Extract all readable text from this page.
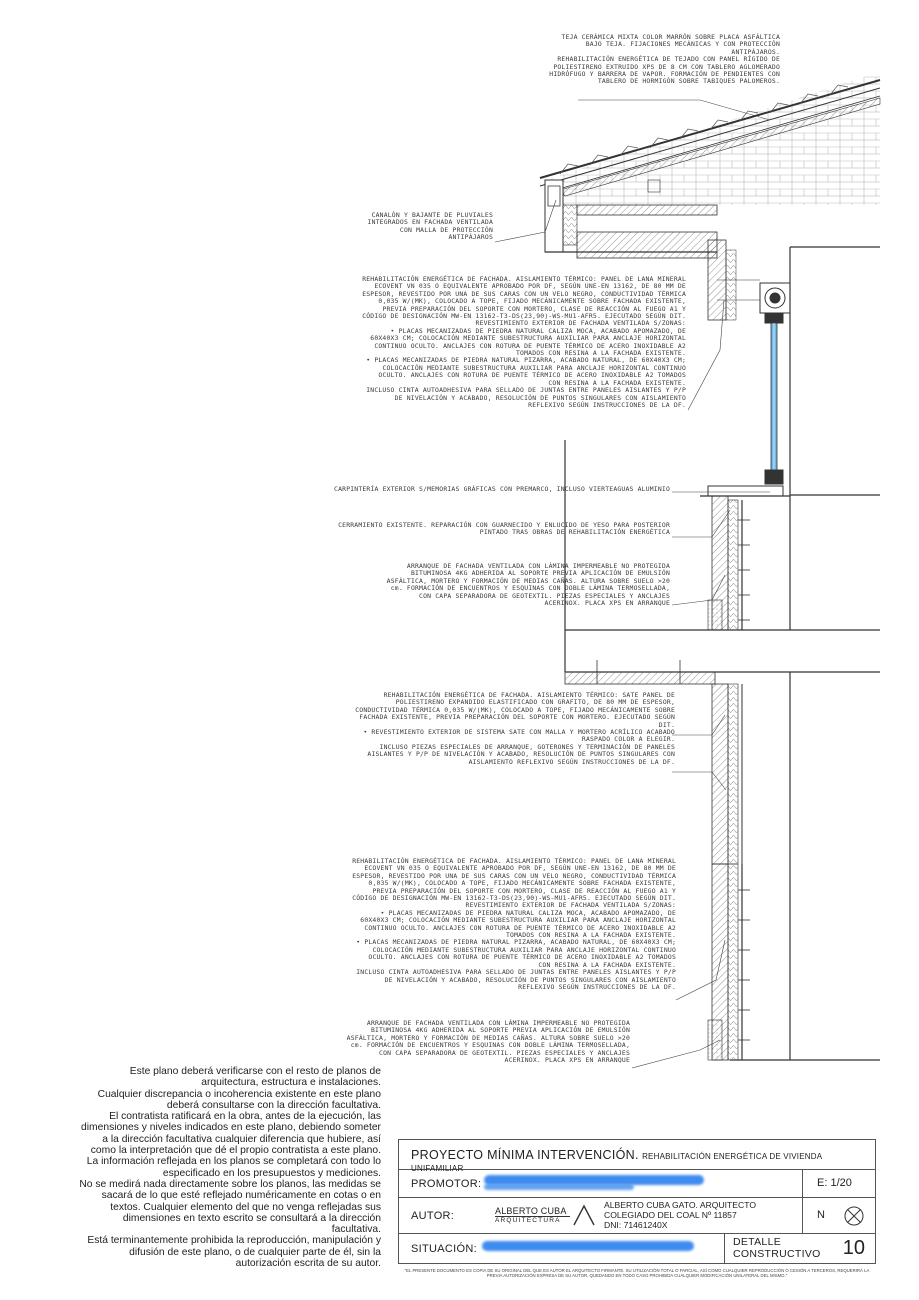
TEJA CERÁMICA MIXTA COLOR MARRÓN SOBRE PLACA ASFÁLTICA
BAJO TEJA. FIJACIONES MECÁNICAS Y CON PROTECCIÓN
ANTIPÁJAROS.
REHABILITACIÓN ENERGÉTICA DE TEJADO CON PANEL RÍGIDO DE
POLIESTIRENO EXTRUIDO XPS DE 8 CM CON TABLERO AGLOMERADO
HIDRÓFUGO Y BARRERA DE VAPOR. FORMACIÓN DE PENDIENTES CON
TABLERO DE HORMIGÓN SOBRE TABIQUES PALOMEROS.
CANALÓN Y BAJANTE DE PLUVIALES
INTEGRADOS EN FACHADA VENTILADA
CON MALLA DE PROTECCIÓN
ANTIPÁJAROS
REHABILITACIÓN ENERGÉTICA DE FACHADA. AISLAMIENTO TÉRMICO: PANEL DE LANA MINERAL
ECOVENT VN 035 O EQUIVALENTE APROBADO POR DF, SEGÚN UNE-EN 13162, DE 80 MM DE
ESPESOR, REVESTIDO POR UNA DE SUS CARAS CON UN VELO NEGRO, CONDUCTIVIDAD TÉRMICA
0,035 W/(MK), COLOCADO A TOPE, FIJADO MECÁNICAMENTE SOBRE FACHADA EXISTENTE,
PREVIA PREPARACIÓN DEL SOPORTE CON MORTERO, CLASE DE REACCIÓN AL FUEGO A1 Y
CÓDIGO DE DESIGNACIÓN MW-EN 13162-T3-DS(23,90)-WS-MU1-AFR5. EJECUTADO SEGÚN DIT.
REVESTIMIENTO EXTERIOR DE FACHADA VENTILADA S/ZONAS:
• PLACAS MECANIZADAS DE PIEDRA NATURAL CALIZA MOCA, ACABADO APOMAZADO, DE
60X40X3 CM; COLOCACIÓN MEDIANTE SUBESTRUCTURA AUXILIAR PARA ANCLAJE HORIZONTAL
CONTINUO OCULTO. ANCLAJES CON ROTURA DE PUENTE TÉRMICO DE ACERO INOXIDABLE A2
TOMADOS CON RESINA A LA FACHADA EXISTENTE.
• PLACAS MECANIZADAS DE PIEDRA NATURAL PIZARRA, ACABADO NATURAL, DE 60X40X3 CM;
COLOCACIÓN MEDIANTE SUBESTRUCTURA AUXILIAR PARA ANCLAJE HORIZONTAL CONTINUO
OCULTO. ANCLAJES CON ROTURA DE PUENTE TÉRMICO DE ACERO INOXIDABLE A2 TOMADOS
CON RESINA A LA FACHADA EXISTENTE.
INCLUSO CINTA AUTOADHESIVA PARA SELLADO DE JUNTAS ENTRE PANELES AISLANTES Y P/P
DE NIVELACIÓN Y ACABADO, RESOLUCIÓN DE PUNTOS SINGULARES CON AISLAMIENTO
REFLEXIVO SEGÚN INSTRUCCIONES DE LA DF.
CARPINTERÍA EXTERIOR S/MEMORIAS GRÁFICAS CON PREMARCO, INCLUSO VIERTEAGUAS ALUMINIO
CERRAMIENTO EXISTENTE. REPARACIÓN CON GUARNECIDO Y ENLUCIDO DE YESO PARA POSTERIOR
PINTADO TRAS OBRAS DE REHABILITACIÓN ENERGÉTICA
ARRANQUE DE FACHADA VENTILADA CON LÁMINA IMPERMEABLE NO PROTEGIDA
BITUMINOSA 4KG ADHERIDA AL SOPORTE PREVIA APLICACIÓN DE EMULSIÓN
ASFÁLTICA, MORTERO Y FORMACIÓN DE MEDIAS CAÑAS. ALTURA SOBRE SUELO >20
cm. FORMACIÓN DE ENCUENTROS Y ESQUINAS CON DOBLE LÁMINA TERMOSELLADA,
CON CAPA SEPARADORA DE GEOTEXTIL. PIEZAS ESPECIALES Y ANCLAJES
ACERINOX. PLACA XPS EN ARRANQUE
REHABILITACIÓN ENERGÉTICA DE FACHADA. AISLAMIENTO TÉRMICO: SATE PANEL DE
POLIESTIRENO EXPANDIDO ELASTIFICADO CON GRAFITO, DE 80 MM DE ESPESOR,
CONDUCTIVIDAD TÉRMICA 0,035 W/(MK), COLOCADO A TOPE, FIJADO MECÁNICAMENTE SOBRE
FACHADA EXISTENTE, PREVIA PREPARACIÓN DEL SOPORTE CON MORTERO. EJECUTADO SEGÚN
DIT.
• REVESTIMIENTO EXTERIOR DE SISTEMA SATE CON MALLA Y MORTERO ACRÍLICO ACABADO
RASPADO COLOR A ELEGIR.
INCLUSO PIEZAS ESPECIALES DE ARRANQUE, GOTERONES Y TERMINACIÓN DE PANELES
AISLANTES Y P/P DE NIVELACIÓN Y ACABADO, RESOLUCIÓN DE PUNTOS SINGULARES CON
AISLAMIENTO REFLEXIVO SEGÚN INSTRUCCIONES DE LA DF.
REHABILITACIÓN ENERGÉTICA DE FACHADA. AISLAMIENTO TÉRMICO: PANEL DE LANA MINERAL
ECOVENT VN 035 O EQUIVALENTE APROBADO POR DF, SEGÚN UNE-EN 13162, DE 80 MM DE
ESPESOR, REVESTIDO POR UNA DE SUS CARAS CON UN VELO NEGRO, CONDUCTIVIDAD TÉRMICA
0,035 W/(MK), COLOCADO A TOPE, FIJADO MECÁNICAMENTE SOBRE FACHADA EXISTENTE,
PREVIA PREPARACIÓN DEL SOPORTE CON MORTERO, CLASE DE REACCIÓN AL FUEGO A1 Y
CÓDIGO DE DESIGNACIÓN MW-EN 13162-T3-DS(23,90)-WS-MU1-AFR5. EJECUTADO SEGÚN DIT.
REVESTIMIENTO EXTERIOR DE FACHADA VENTILADA S/ZONAS:
• PLACAS MECANIZADAS DE PIEDRA NATURAL CALIZA MOCA, ACABADO APOMAZADO, DE
60X40X3 CM; COLOCACIÓN MEDIANTE SUBESTRUCTURA AUXILIAR PARA ANCLAJE HORIZONTAL
CONTINUO OCULTO. ANCLAJES CON ROTURA DE PUENTE TÉRMICO DE ACERO INOXIDABLE A2
TOMADOS CON RESINA A LA FACHADA EXISTENTE.
• PLACAS MECANIZADAS DE PIEDRA NATURAL PIZARRA, ACABADO NATURAL, DE 60X40X3 CM;
COLOCACIÓN MEDIANTE SUBESTRUCTURA AUXILIAR PARA ANCLAJE HORIZONTAL CONTINUO
OCULTO. ANCLAJES CON ROTURA DE PUENTE TÉRMICO DE ACERO INOXIDABLE A2 TOMADOS
CON RESINA A LA FACHADA EXISTENTE.
INCLUSO CINTA AUTOADHESIVA PARA SELLADO DE JUNTAS ENTRE PANELES AISLANTES Y P/P
DE NIVELACIÓN Y ACABADO, RESOLUCIÓN DE PUNTOS SINGULARES CON AISLAMIENTO
REFLEXIVO SEGÚN INSTRUCCIONES DE LA DF.
ARRANQUE DE FACHADA VENTILADA CON LÁMINA IMPERMEABLE NO PROTEGIDA
BITUMINOSA 4KG ADHERIDA AL SOPORTE PREVIA APLICACIÓN DE EMULSIÓN
ASFÁLTICA, MORTERO Y FORMACIÓN DE MEDIAS CAÑAS. ALTURA SOBRE SUELO >20
cm. FORMACIÓN DE ENCUENTROS Y ESQUINAS CON DOBLE LÁMINA TERMOSELLADA,
CON CAPA SEPARADORA DE GEOTEXTIL. PIEZAS ESPECIALES Y ANCLAJES
ACERINOX. PLACA XPS EN ARRANQUE
Este plano deberá verificarse con el resto de planos de
arquitectura, estructura e instalaciones.
Cualquier discrepancia o incoherencia existente en este plano
deberá consultarse con la dirección facultativa.
El contratista ratificará en la obra, antes de la ejecución, las
dimensiones y niveles indicados en este plano, debiendo someter
a la dirección facultativa cualquier diferencia que hubiere, así
como la interpretación que dé el propio contratista a este plano.
La información reflejada en los planos se completará con todo lo
especificado en los presupuestos y mediciones.
No se medirá nada directamente sobre los planos, las medidas se
sacará de lo que esté reflejado numéricamente en cotas o en
textos. Cualquier elemento del que no venga reflejadas sus
dimensiones en texto escrito se consultará a la dirección
facultativa.
Está terminantemente prohibida la reproducción, manipulación y
difusión de este plano, o de cualquier parte de él, sin la
autorización escrita de su autor.
PROYECTO MÍNIMA INTERVENCIÓN. REHABILITACIÓN ENERGÉTICA DE VIVIENDA UNIFAMILIAR
PROMOTOR:	E: 1/20
AUTOR:	ALBERTO CUBA
ARQUITECTURA
ALBERTO CUBA GATO. ARQUITECTO
COLEGIADO DEL COAL Nº 11857
DNI: 71461240X
N
SITUACIÓN:
DETALLE
CONSTRUCTIVO 10
"EL PRESENTE DOCUMENTO ES COPIA DE SU ORIGINAL DEL QUE ES AUTOR EL ARQUITECTO FIRMANTE. SU UTILIZACIÓN TOTAL O PARCIAL, ASÍ COMO CUALQUIER REPRODUCCIÓN O CESIÓN A TERCEROS, REQUERIRÁ LA PREVIA AUTORIZACIÓN EXPRESA DE SU AUTOR, QUEDANDO EN TODO CASO PROHIBIDA CUALQUIER MODIFICACIÓN UNILATERAL DEL MISMO."
